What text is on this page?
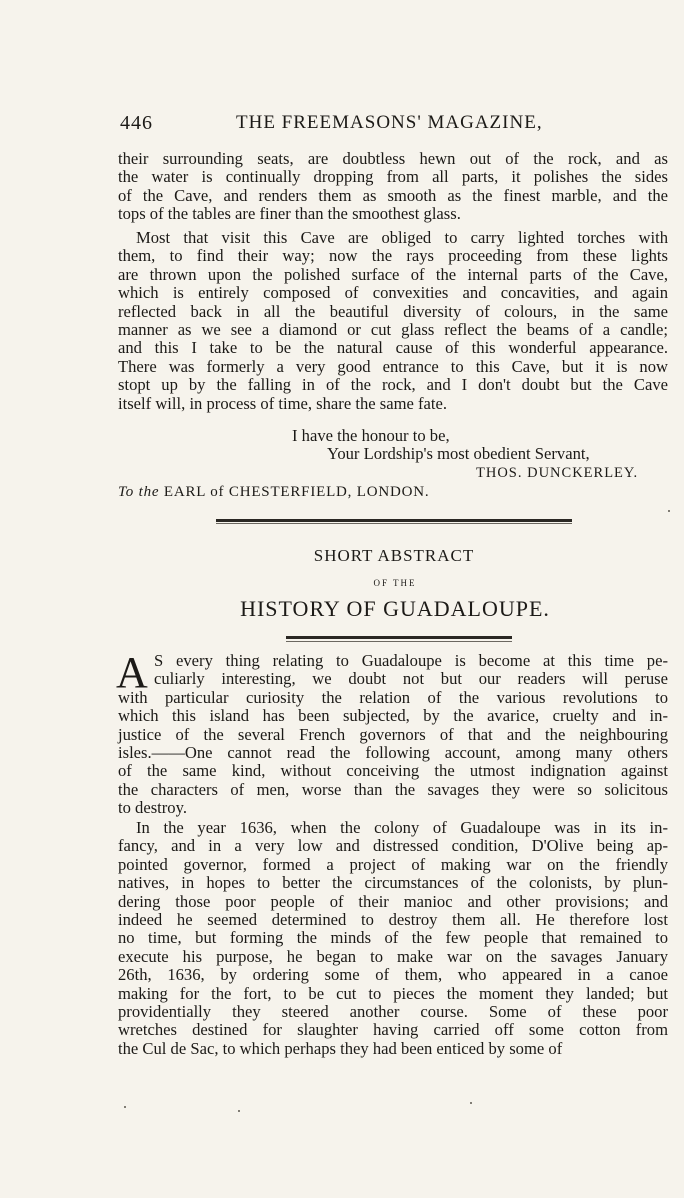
446	THE FREEMASONS' MAGAZINE,

their surrounding seats, are doubtless hewn out of the rock, and as
the water is continually dropping from all parts, it polishes the sides
of the Cave, and renders them as smooth as the finest marble, and the
tops of the tables are finer than the smoothest glass.

Most that visit this Cave are obliged to carry lighted torches with
them, to find their way; now the rays proceeding from these lights
are thrown upon the polished surface of the internal parts of the Cave,
which is entirely composed of convexities and concavities, and again
reflected back in all the beautiful diversity of colours, in the same
manner as we see a diamond or cut glass reflect the beams of a candle;
and this I take to be the natural cause of this wonderful appearance.
There was formerly a very good entrance to this Cave, but it is now
stopt up by the falling in of the rock, and I don't doubt but the Cave
itself will, in process of time, share the same fate.

I have the honour to be,
Your Lordship's most obedient Servant,
THOS. DUNCKERLEY.
To the EARL of CHESTERFIELD, LONDON.
SHORT ABSTRACT
OF THE
HISTORY OF GUADALOUPE.
A S every thing relating to Guadaloupe is become at this time pe-
culiarly interesting, we doubt not but our readers will peruse
with particular curiosity the relation of the various revolutions to
which this island has been subjected, by the avarice, cruelty and in-
justice of the several French governors of that and the neighbouring
isles.——One cannot read the following account, among many others
of the same kind, without conceiving the utmost indignation against
the characters of men, worse than the savages they were so solicitous
to destroy.

In the year 1636, when the colony of Guadaloupe was in its in-
fancy, and in a very low and distressed condition, D'Olive being ap-
pointed governor, formed a project of making war on the friendly
natives, in hopes to better the circumstances of the colonists, by plun-
dering those poor people of their manioc and other provisions; and
indeed he seemed determined to destroy them all. He therefore lost
no time, but forming the minds of the few people that remained to
execute his purpose, he began to make war on the savages January
26th, 1636, by ordering some of them, who appeared in a canoe
making for the fort, to be cut to pieces the moment they landed; but
providentially they steered another course. Some of these poor
wretches destined for slaughter having carried off some cotton from
the Cul de Sac, to which perhaps they had been enticed by some of
